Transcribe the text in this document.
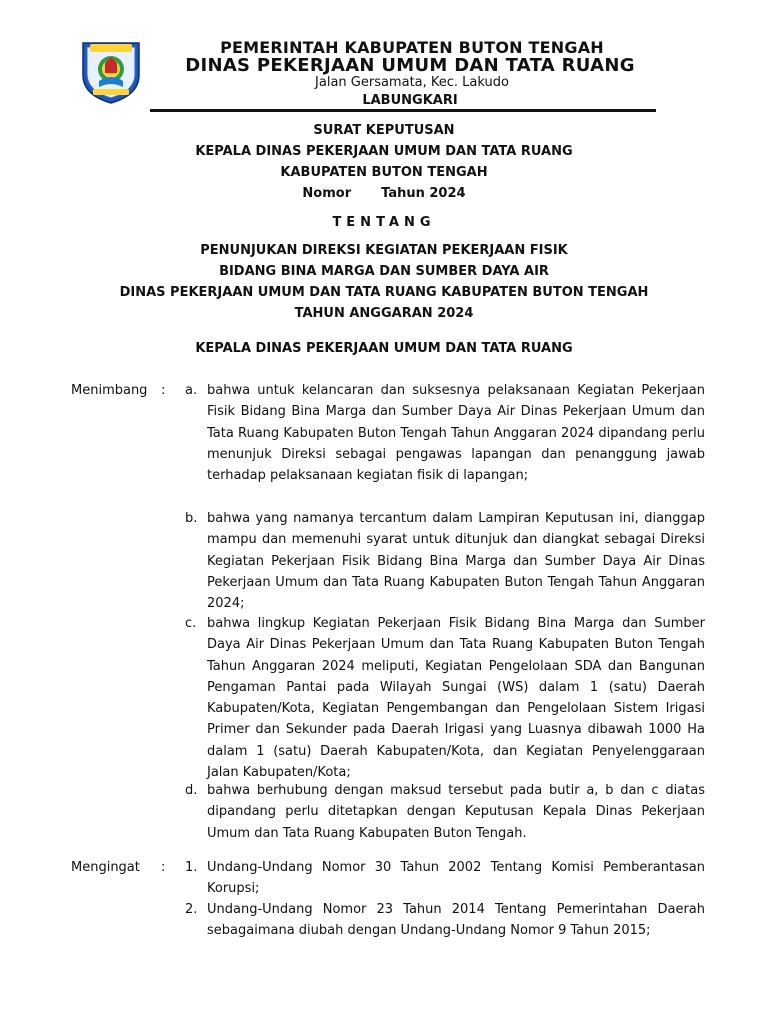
PEMERINTAH KABUPATEN BUTON TENGAH
DINAS PEKERJAAN UMUM DAN TATA RUANG
Jalan Gersamata, Kec. Lakudo
LABUNGKARI
SURAT KEPUTUSAN
KEPALA DINAS PEKERJAAN UMUM DAN TATA RUANG
KABUPATEN BUTON TENGAH
Nomor Tahun 2024
TENTANG
PENUNJUKAN DIREKSI KEGIATAN PEKERJAAN FISIK
BIDANG BINA MARGA DAN SUMBER DAYA AIR
DINAS PEKERJAAN UMUM DAN TATA RUANG KABUPATEN BUTON TENGAH
TAHUN ANGGARAN 2024
KEPALA DINAS PEKERJAAN UMUM DAN TATA RUANG
Menimbang : a. bahwa untuk kelancaran dan suksesnya pelaksanaan Kegiatan Pekerjaan Fisik Bidang Bina Marga dan Sumber Daya Air Dinas Pekerjaan Umum dan Tata Ruang Kabupaten Buton Tengah Tahun Anggaran 2024 dipandang perlu menunjuk Direksi sebagai pengawas lapangan dan penanggung jawab terhadap pelaksanaan kegiatan fisik di lapangan;

b. bahwa yang namanya tercantum dalam Lampiran Keputusan ini, dianggap mampu dan memenuhi syarat untuk ditunjuk dan diangkat sebagai Direksi Kegiatan Pekerjaan Fisik Bidang Bina Marga dan Sumber Daya Air Dinas Pekerjaan Umum dan Tata Ruang Kabupaten Buton Tengah Tahun Anggaran 2024;

c. bahwa lingkup Kegiatan Pekerjaan Fisik Bidang Bina Marga dan Sumber Daya Air Dinas Pekerjaan Umum dan Tata Ruang Kabupaten Buton Tengah Tahun Anggaran 2024 meliputi, Kegiatan Pengelolaan SDA dan Bangunan Pengaman Pantai pada Wilayah Sungai (WS) dalam 1 (satu) Daerah Kabupaten/Kota, Kegiatan Pengembangan dan Pengelolaan Sistem Irigasi Primer dan Sekunder pada Daerah Irigasi yang Luasnya dibawah 1000 Ha dalam 1 (satu) Daerah Kabupaten/Kota, dan Kegiatan Penyelenggaraan Jalan Kabupaten/Kota;

d. bahwa berhubung dengan maksud tersebut pada butir a, b dan c diatas dipandang perlu ditetapkan dengan Keputusan Kepala Dinas Pekerjaan Umum dan Tata Ruang Kabupaten Buton Tengah.

Mengingat : 1. Undang-Undang Nomor 30 Tahun 2002 Tentang Komisi Pemberantasan Korupsi;

2. Undang-Undang Nomor 23 Tahun 2014 Tentang Pemerintahan Daerah sebagaimana diubah dengan Undang-Undang Nomor 9 Tahun 2015;
